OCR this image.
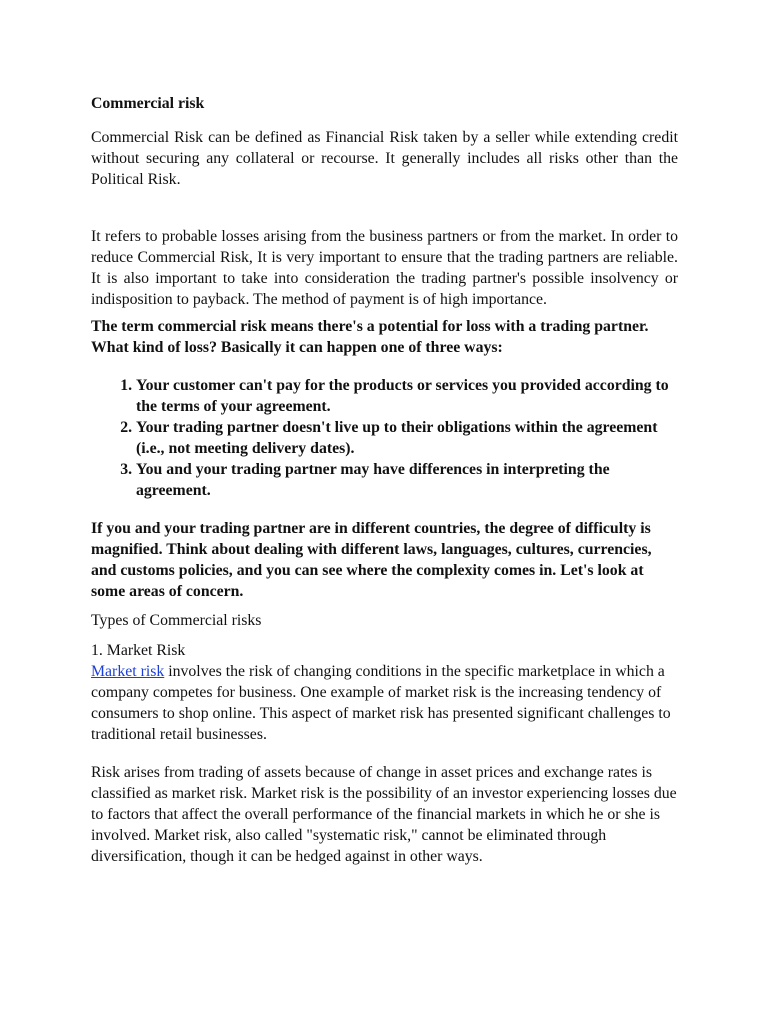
Commercial risk

Commercial Risk can be defined as Financial Risk taken by a seller while extending credit without securing any collateral or recourse. It generally includes all risks other than the Political Risk.

It refers to probable losses arising from the business partners or from the market. In order to reduce Commercial Risk, It is very important to ensure that the trading partners are reliable. It is also important to take into consideration the trading partner's possible insolvency or indisposition to payback. The method of payment is of high importance.

The term commercial risk means there's a potential for loss with a trading partner. What kind of loss? Basically it can happen one of three ways:

1. Your customer can't pay for the products or services you provided according to the terms of your agreement.
2. Your trading partner doesn't live up to their obligations within the agreement (i.e., not meeting delivery dates).
3. You and your trading partner may have differences in interpreting the agreement.

If you and your trading partner are in different countries, the degree of difficulty is magnified. Think about dealing with different laws, languages, cultures, currencies, and customs policies, and you can see where the complexity comes in. Let's look at some areas of concern.

Types of Commercial risks

1. Market Risk

Market risk involves the risk of changing conditions in the specific marketplace in which a company competes for business. One example of market risk is the increasing tendency of consumers to shop online. This aspect of market risk has presented significant challenges to traditional retail businesses.

Risk arises from trading of assets because of change in asset prices and exchange rates is classified as market risk. Market risk is the possibility of an investor experiencing losses due to factors that affect the overall performance of the financial markets in which he or she is involved. Market risk, also called "systematic risk," cannot be eliminated through diversification, though it can be hedged against in other ways.
